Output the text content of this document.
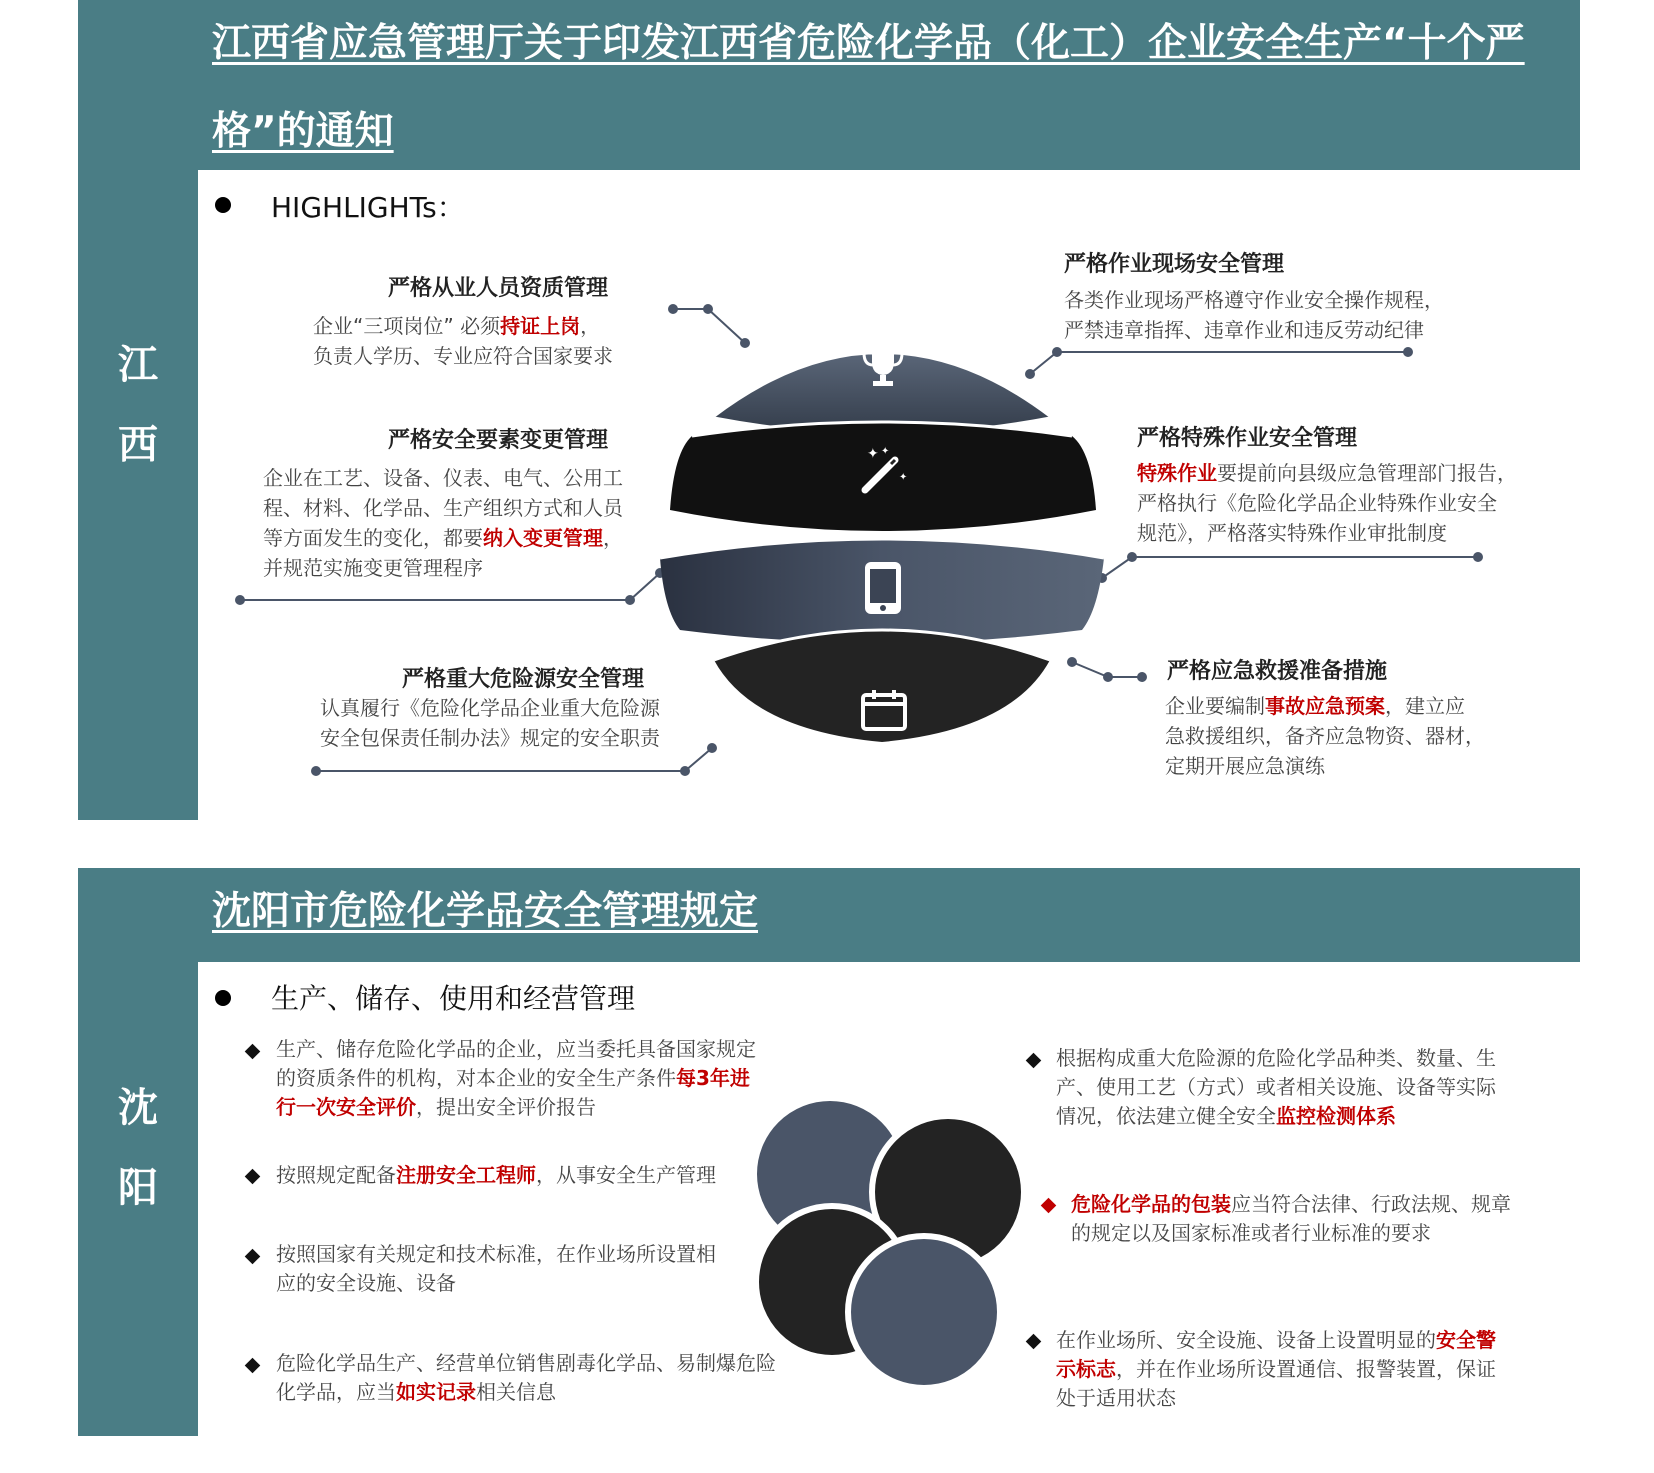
江
西
江西省应急管理厅关于印发江西省危险化学品（化工）企业安全生产“十个严格”的通知
HIGHLIGHTs：
严格从业人员资质管理
企业“三项岗位” 必须持证上岗，
负责人学历、专业应符合国家要求
严格安全要素变更管理
企业在工艺、设备、仪表、电气、公用工
程、材料、化学品、生产组织方式和人员
等方面发生的变化，都要纳入变更管理，
并规范实施变更管理程序
严格重大危险源安全管理
认真履行《危险化学品企业重大危险源
安全包保责任制办法》规定的安全职责
严格作业现场安全管理
各类作业现场严格遵守作业安全操作规程，
严禁违章指挥、违章作业和违反劳动纪律
严格特殊作业安全管理
特殊作业要提前向县级应急管理部门报告，
严格执行《危险化学品企业特殊作业安全
规范》，严格落实特殊作业审批制度
严格应急救援准备措施
企业要编制事故应急预案，建立应
急救援组织，备齐应急物资、器材，
定期开展应急演练
✦ ✦
✦
沈
阳
沈阳市危险化学品安全管理规定
生产、储存、使用和经营管理
生产、储存危险化学品的企业，应当委托具备国家规定
的资质条件的机构，对本企业的安全生产条件每3年进
行一次安全评价，提出安全评价报告
按照规定配备注册安全工程师，从事安全生产管理
按照国家有关规定和技术标准，在作业场所设置相
应的安全设施、设备
危险化学品生产、经营单位销售剧毒化学品、易制爆危险
化学品，应当如实记录相关信息
根据构成重大危险源的危险化学品种类、数量、生
产、使用工艺（方式）或者相关设施、设备等实际
情况，依法建立健全安全监控检测体系
危险化学品的包装应当符合法律、行政法规、规章
的规定以及国家标准或者行业标准的要求
在作业场所、安全设施、设备上设置明显的安全警
示标志，并在作业场所设置通信、报警装置，保证
处于适用状态
